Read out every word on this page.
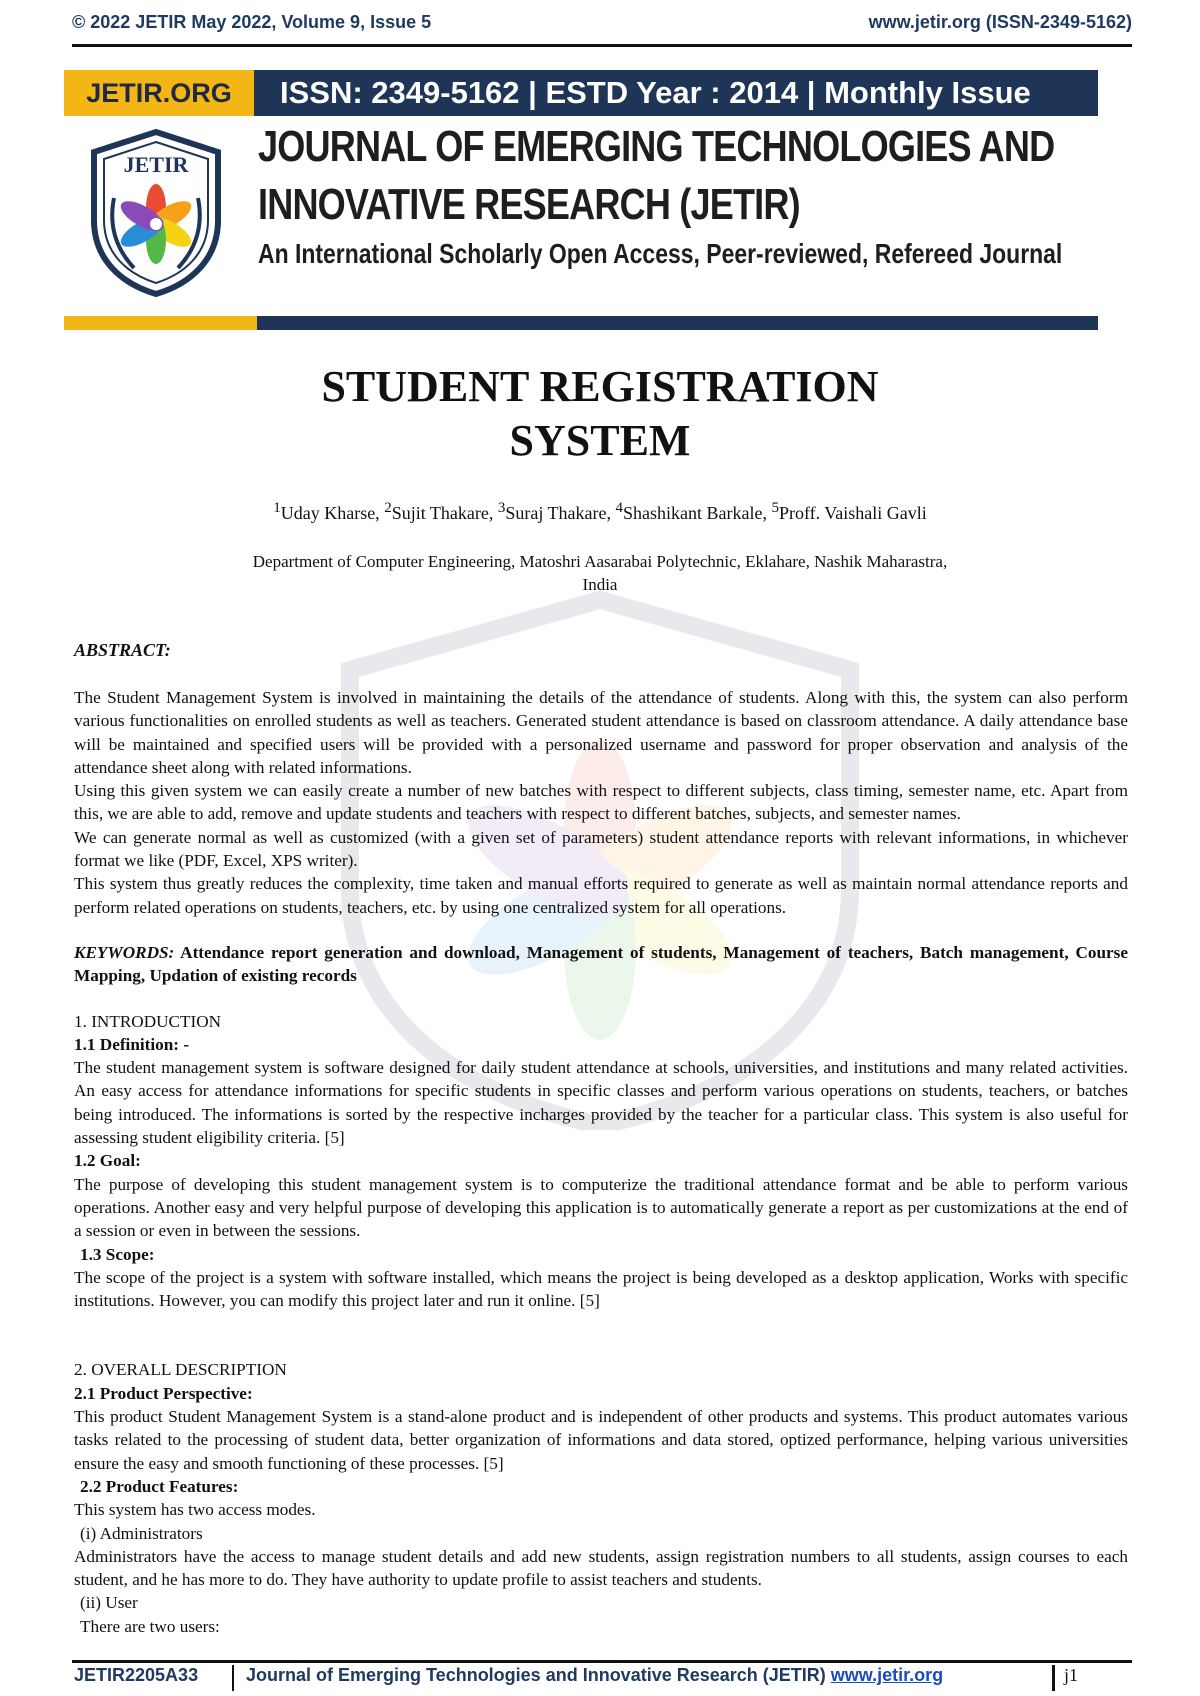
© 2022 JETIR May 2022, Volume 9, Issue 5	www.jetir.org (ISSN-2349-5162)
JETIR.ORG	ISSN: 2349-5162 | ESTD Year : 2014 | Monthly Issue
JETIR JOURNAL OF EMERGING TECHNOLOGIES AND
INNOVATIVE RESEARCH (JETIR)
An International Scholarly Open Access, Peer-reviewed, Refereed Journal
STUDENT REGISTRATION
SYSTEM
$^1$Uday Kharse, $^2$Sujit Thakare, $^3$Suraj Thakare, $^4$Shashikant Barkale, $^5$Proff. Vaishali Gavli
Department of Computer Engineering, Matoshri Aasarabai Polytechnic, Eklahare, Nashik Maharastra,
India
ABSTRACT:

The Student Management System is involved in maintaining the details of the attendance of students. Along with this, the system can also perform various functionalities on enrolled students as well as teachers. Generated student attendance is based on classroom attendance. A daily attendance base will be maintained and specified users will be provided with a personalized username and password for proper observation and analysis of the attendance sheet along with related informations.

Using this given system we can easily create a number of new batches with respect to different subjects, class timing, semester name, etc. Apart from this, we are able to add, remove and update students and teachers with respect to different batches, subjects, and semester names.

We can generate normal as well as customized (with a given set of parameters) student attendance reports with relevant informations, in whichever format we like (PDF, Excel, XPS writer).

This system thus greatly reduces the complexity, time taken and manual efforts required to generate as well as maintain normal attendance reports and perform related operations on students, teachers, etc. by using one centralized system for all operations.

KEYWORDS: Attendance report generation and download, Management of students, Management of teachers, Batch management, Course Mapping, Updation of existing records

1. INTRODUCTION

1.1 Definition: -

The student management system is software designed for daily student attendance at schools, universities, and institutions and many related activities. An easy access for attendance informations for specific students in specific classes and perform various operations on students, teachers, or batches being introduced. The informations is sorted by the respective incharges provided by the teacher for a particular class. This system is also useful for assessing student eligibility criteria. [5]

1.2 Goal:

The purpose of developing this student management system is to computerize the traditional attendance format and be able to perform various operations. Another easy and very helpful purpose of developing this application is to automatically generate a report as per customizations at the end of a session or even in between the sessions.

1.3 Scope:

The scope of the project is a system with software installed, which means the project is being developed as a desktop application, Works with specific institutions. However, you can modify this project later and run it online. [5]

2. OVERALL DESCRIPTION

2.1 Product Perspective:

This product Student Management System is a stand-alone product and is independent of other products and systems. This product automates various tasks related to the processing of student data, better organization of informations and data stored, optized performance, helping various universities ensure the easy and smooth functioning of these processes. [5]

2.2 Product Features:

This system has two access modes.

(i) Administrators

Administrators have the access to manage student details and add new students, assign registration numbers to all students, assign courses to each student, and he has more to do. They have authority to update profile to assist teachers and students.

(ii) User

There are two users:

JETIR2205A33	Journal of Emerging Technologies and Innovative Research (JETIR) www.jetir.org	j1
